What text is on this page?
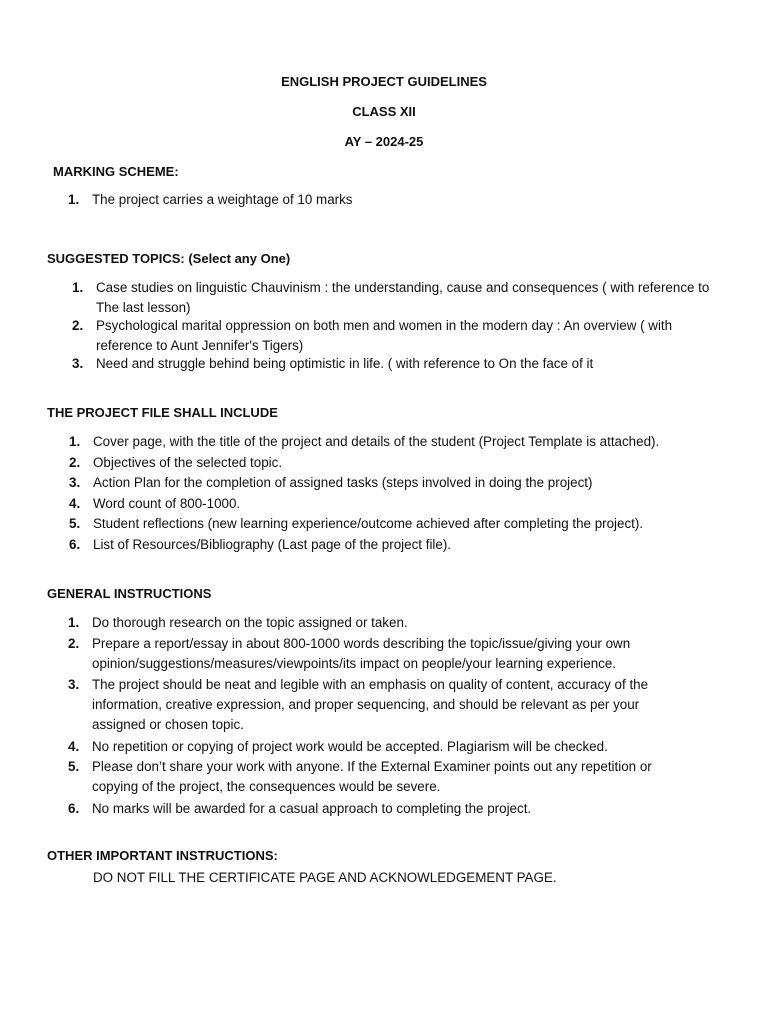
ENGLISH PROJECT GUIDELINES
CLASS XII
AY – 2024-25
MARKING SCHEME:
1. The project carries a weightage of 10 marks
SUGGESTED TOPICS: (Select any One)
1. Case studies on linguistic Chauvinism : the understanding, cause and consequences ( with reference to The last lesson)
2. Psychological marital oppression on both men and women in the modern day : An overview ( with reference to Aunt Jennifer's Tigers)
3. Need and struggle behind being optimistic in life. ( with reference to On the face of it
THE PROJECT FILE SHALL INCLUDE
1. Cover page, with the title of the project and details of the student (Project Template is attached).
2. Objectives of the selected topic.
3. Action Plan for the completion of assigned tasks (steps involved in doing the project)
4. Word count of 800-1000.
5. Student reflections (new learning experience/outcome achieved after completing the project).
6. List of Resources/Bibliography (Last page of the project file).
GENERAL INSTRUCTIONS
1. Do thorough research on the topic assigned or taken.
2. Prepare a report/essay in about 800-1000 words describing the topic/issue/giving your own opinion/suggestions/measures/viewpoints/its impact on people/your learning experience.
3. The project should be neat and legible with an emphasis on quality of content, accuracy of the information, creative expression, and proper sequencing, and should be relevant as per your assigned or chosen topic.
4. No repetition or copying of project work would be accepted. Plagiarism will be checked.
5. Please don’t share your work with anyone. If the External Examiner points out any repetition or copying of the project, the consequences would be severe.
6. No marks will be awarded for a casual approach to completing the project.
OTHER IMPORTANT INSTRUCTIONS:
DO NOT FILL THE CERTIFICATE PAGE AND ACKNOWLEDGEMENT PAGE.
